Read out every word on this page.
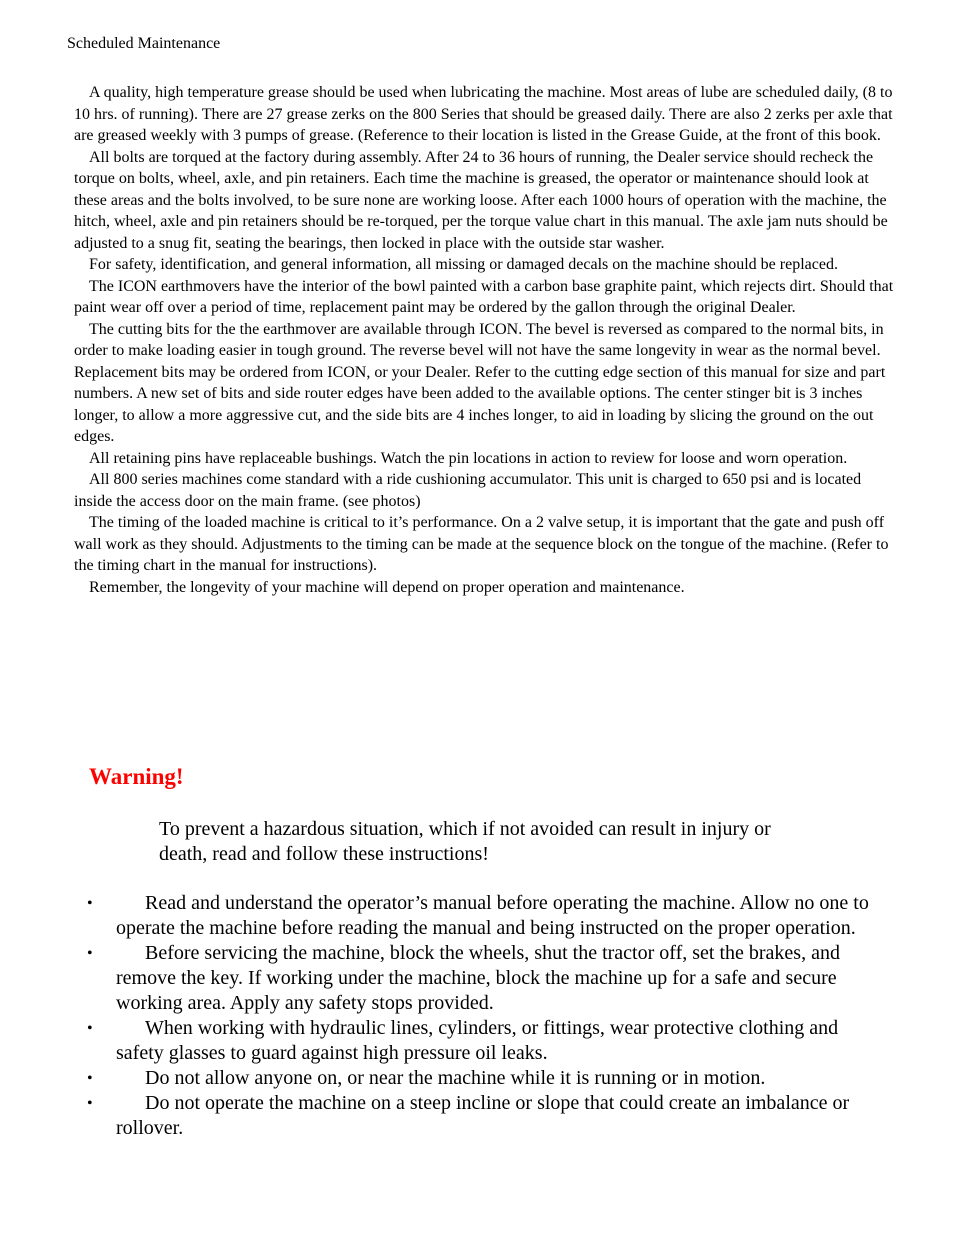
Scheduled Maintenance

A quality, high temperature grease should be used when lubricating the machine. Most areas of lube are scheduled daily, (8 to 10 hrs. of running). There are 27 grease zerks on the 800 Series that should be greased daily. There are also 2 zerks per axle that are greased weekly with 3 pumps of grease. (Reference to their location is listed in the Grease Guide, at the front of this book.

All bolts are torqued at the factory during assembly. After 24 to 36 hours of running, the Dealer service should recheck the torque on bolts, wheel, axle, and pin retainers. Each time the machine is greased, the operator or maintenance should look at these areas and the bolts involved, to be sure none are working loose. After each 1000 hours of operation with the machine, the hitch, wheel, axle and pin retainers should be re-torqued, per the torque value chart in this manual. The axle jam nuts should be adjusted to a snug fit, seating the bearings, then locked in place with the outside star washer.

For safety, identification, and general information, all missing or damaged decals on the machine should be replaced.

The ICON earthmovers have the interior of the bowl painted with a carbon base graphite paint, which rejects dirt. Should that paint wear off over a period of time, replacement paint may be ordered by the gallon through the original Dealer.

The cutting bits for the the earthmover are available through ICON. The bevel is reversed as compared to the normal bits, in order to make loading easier in tough ground. The reverse bevel will not have the same longevity in wear as the normal bevel. Replacement bits may be ordered from ICON, or your Dealer. Refer to the cutting edge section of this manual for size and part numbers. A new set of bits and side router edges have been added to the available options. The center stinger bit is 3 inches longer, to allow a more aggressive cut, and the side bits are 4 inches longer, to aid in loading by slicing the ground on the out edges.

All retaining pins have replaceable bushings. Watch the pin locations in action to review for loose and worn operation.

All 800 series machines come standard with a ride cushioning accumulator. This unit is charged to 650 psi and is located inside the access door on the main frame. (see photos)

The timing of the loaded machine is critical to it’s performance. On a 2 valve setup, it is important that the gate and push off wall work as they should. Adjustments to the timing can be made at the sequence block on the tongue of the machine. (Refer to the timing chart in the manual for instructions).

Remember, the longevity of your machine will depend on proper operation and maintenance.

Warning!
To prevent a hazardous situation, which if not avoided can result in injury or death, read and follow these instructions!
•	Read and understand the operator’s manual before operating the machine. Allow no one to operate the machine before reading the manual and being instructed on the proper operation.
•	Before servicing the machine, block the wheels, shut the tractor off, set the brakes, and remove the key. If working under the machine, block the machine up for a safe and secure working area. Apply any safety stops provided.
•	When working with hydraulic lines, cylinders, or fittings, wear protective clothing and safety glasses to guard against high pressure oil leaks.
•	Do not allow anyone on, or near the machine while it is running or in motion.
•	Do not operate the machine on a steep incline or slope that could create an imbalance or rollover.
